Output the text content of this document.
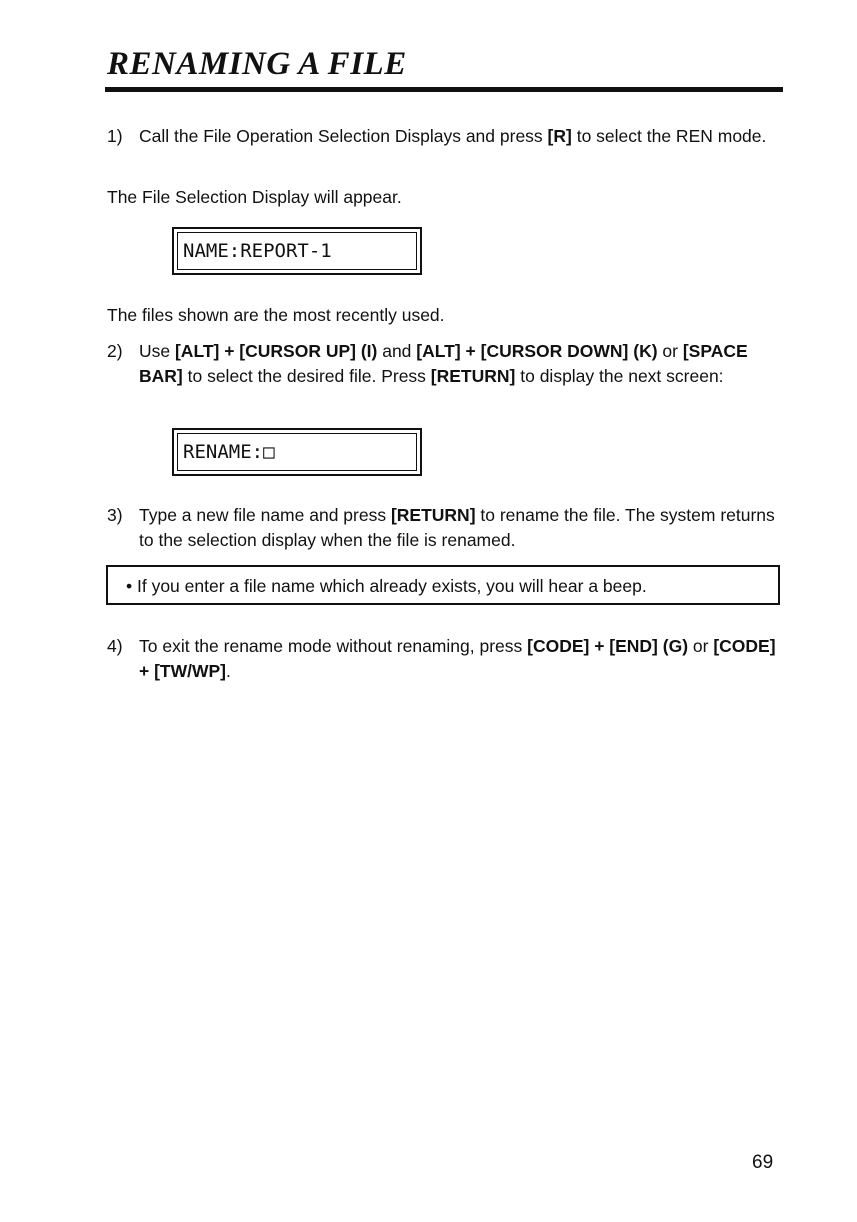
RENAMING A FILE
1) Call the File Operation Selection Displays and press [R] to select the REN mode.

The File Selection Display will appear.

NAME:REPORT-1

The files shown are the most recently used.

2) Use [ALT] + [CURSOR UP] (I) and [ALT] + [CURSOR DOWN] (K) or [SPACE BAR] to select the desired file. Press [RETURN] to display the next screen:
RENAME:□
3) Type a new file name and press [RETURN] to rename the file. The system returns to the selection display when the file is renamed.
• If you enter a file name which already exists, you will hear a beep.
4) To exit the rename mode without renaming, press [CODE] + [END] (G) or [CODE] + [TW/WP].
69
